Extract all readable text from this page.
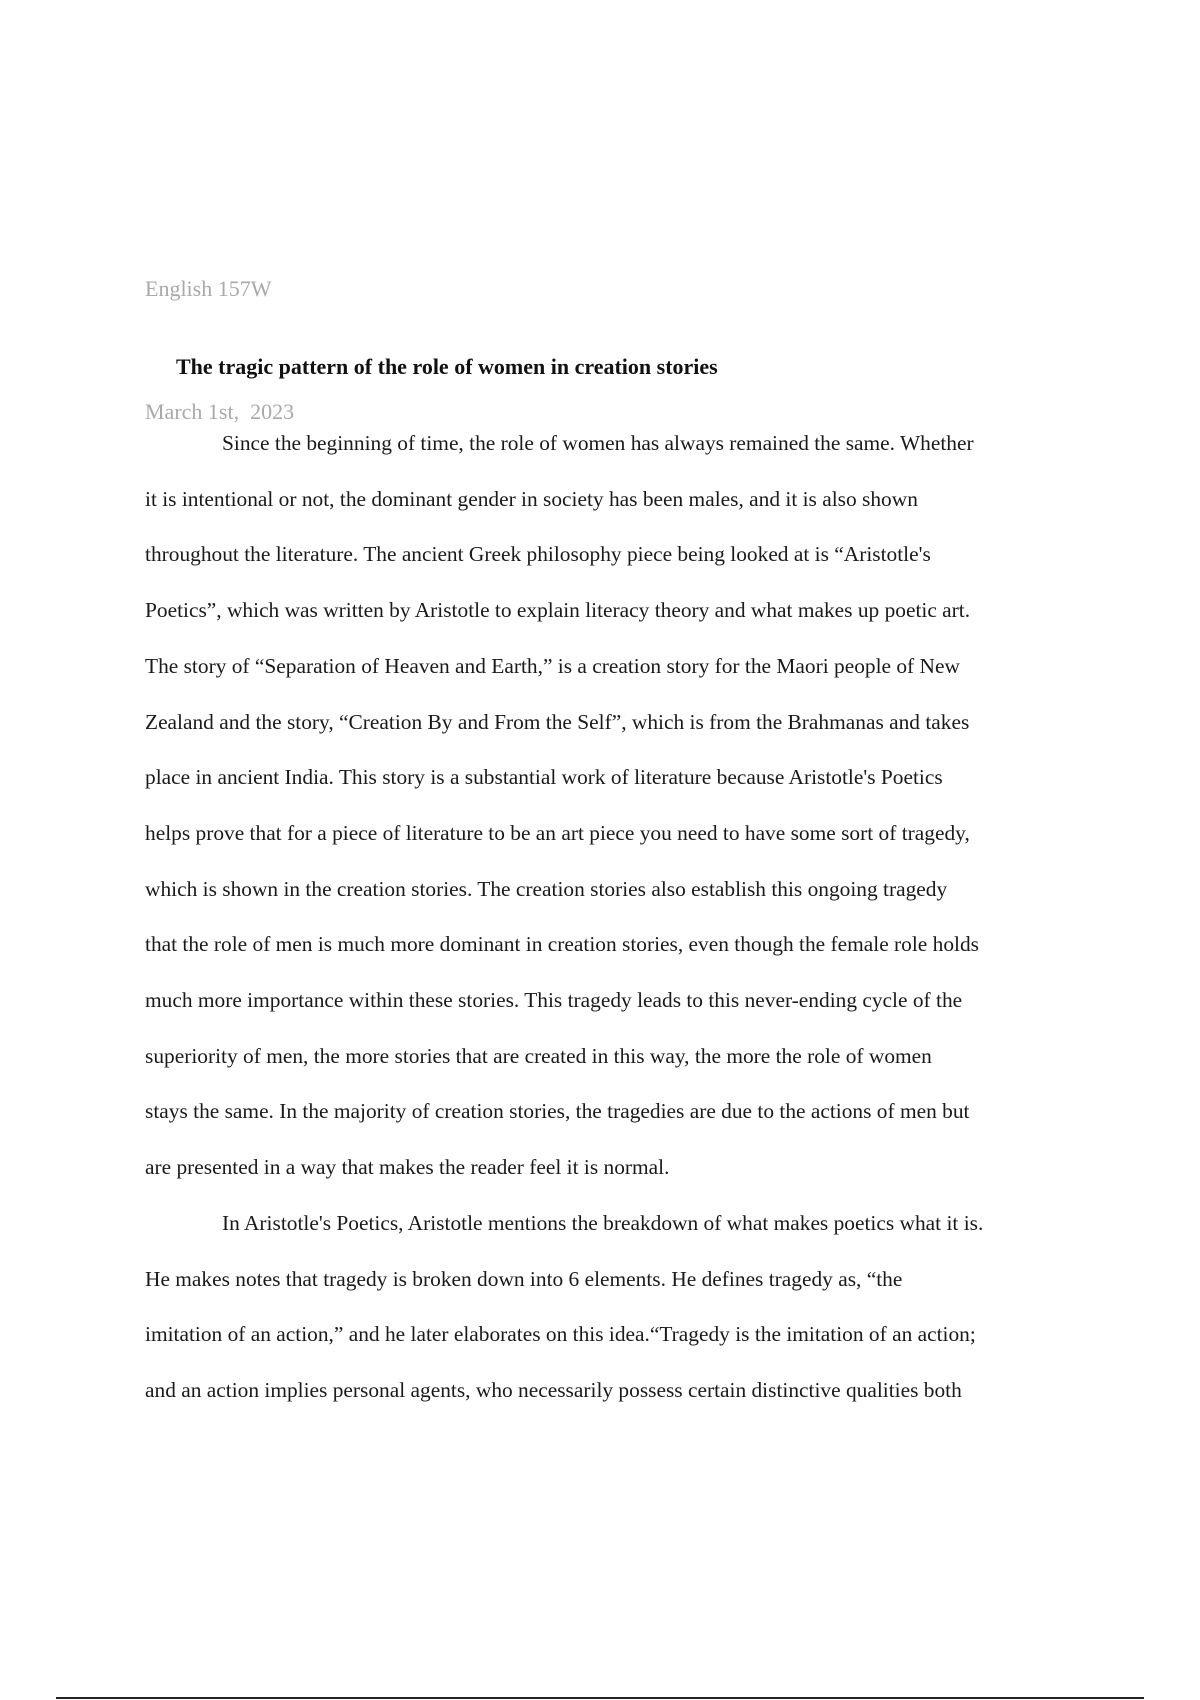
English 157W

March 1st,  2023

The tragic pattern of the role of women in creation stories

Since the beginning of time, the role of women has always remained the same. Whether
it is intentional or not, the dominant gender in society has been males, and it is also shown
throughout the literature. The ancient Greek philosophy piece being looked at is “Aristotle's
Poetics”, which was written by Aristotle to explain literacy theory and what makes up poetic art.
The story of “Separation of Heaven and Earth,” is a creation story for the Maori people of New
Zealand and the story, “Creation By and From the Self”, which is from the Brahmanas and takes
place in ancient India. This story is a substantial work of literature because Aristotle's Poetics
helps prove that for a piece of literature to be an art piece you need to have some sort of tragedy,
which is shown in the creation stories. The creation stories also establish this ongoing tragedy
that the role of men is much more dominant in creation stories, even though the female role holds
much more importance within these stories. This tragedy leads to this never-ending cycle of the
superiority of men, the more stories that are created in this way, the more the role of women
stays the same. In the majority of creation stories, the tragedies are due to the actions of men but
are presented in a way that makes the reader feel it is normal.

In Aristotle's Poetics, Aristotle mentions the breakdown of what makes poetics what it is.
He makes notes that tragedy is broken down into 6 elements. He defines tragedy as, “the
imitation of an action,” and he later elaborates on this idea.“Tragedy is the imitation of an action;
and an action implies personal agents, who necessarily possess certain distinctive qualities both
